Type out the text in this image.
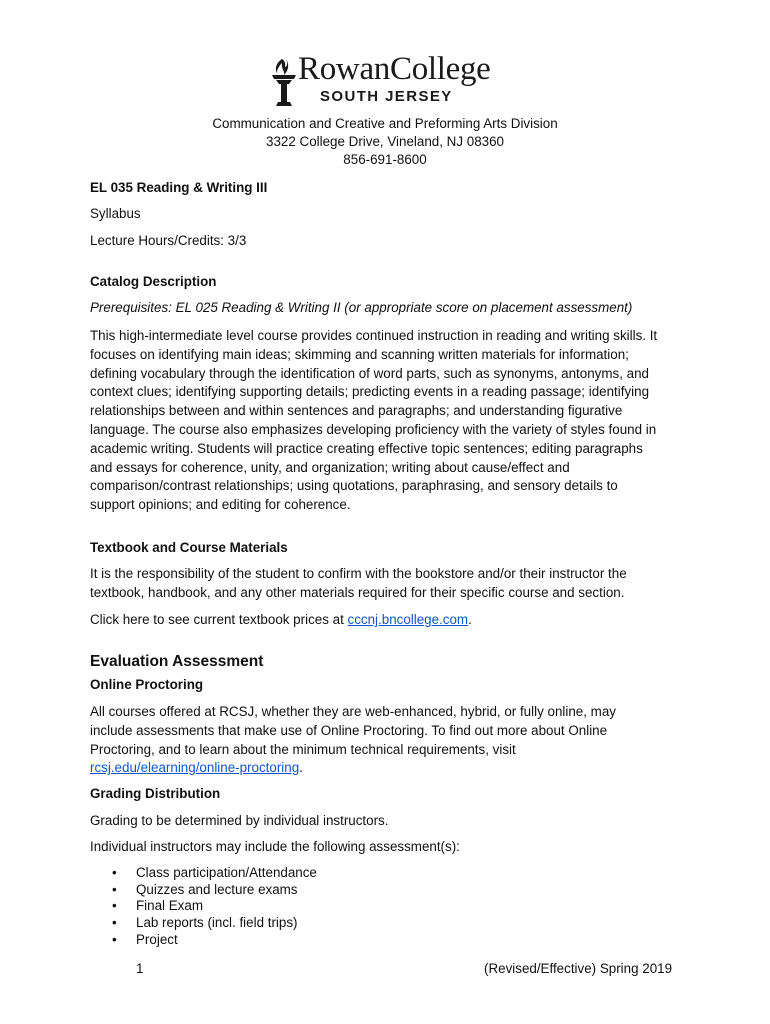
RowanCollege
SOUTH JERSEY
Communication and Creative and Preforming Arts Division
3322 College Drive, Vineland, NJ 08360
856-691-8600
EL 035 Reading & Writing III
Syllabus
Lecture Hours/Credits: 3/3
Catalog Description
Prerequisites: EL 025 Reading & Writing II (or appropriate score on placement assessment)
This high-intermediate level course provides continued instruction in reading and writing skills. It
focuses on identifying main ideas; skimming and scanning written materials for information;
defining vocabulary through the identification of word parts, such as synonyms, antonyms, and
context clues; identifying supporting details; predicting events in a reading passage; identifying
relationships between and within sentences and paragraphs; and understanding figurative
language. The course also emphasizes developing proficiency with the variety of styles found in
academic writing. Students will practice creating effective topic sentences; editing paragraphs
and essays for coherence, unity, and organization; writing about cause/effect and
comparison/contrast relationships; using quotations, paraphrasing, and sensory details to
support opinions; and editing for coherence.
Textbook and Course Materials
It is the responsibility of the student to confirm with the bookstore and/or their instructor the
textbook, handbook, and any other materials required for their specific course and section.
Click here to see current textbook prices at cccnj.bncollege.com.
Evaluation Assessment
Online Proctoring
All courses offered at RCSJ, whether they are web-enhanced, hybrid, or fully online, may
include assessments that make use of Online Proctoring. To find out more about Online
Proctoring, and to learn about the minimum technical requirements, visit
rcsj.edu/elearning/online-proctoring.
Grading Distribution
Grading to be determined by individual instructors.
Individual instructors may include the following assessment(s):
•	Class participation/Attendance
•	Quizzes and lecture exams
•	Final Exam
•	Lab reports (incl. field trips)
•	Project
1	(Revised/Effective) Spring 2019
